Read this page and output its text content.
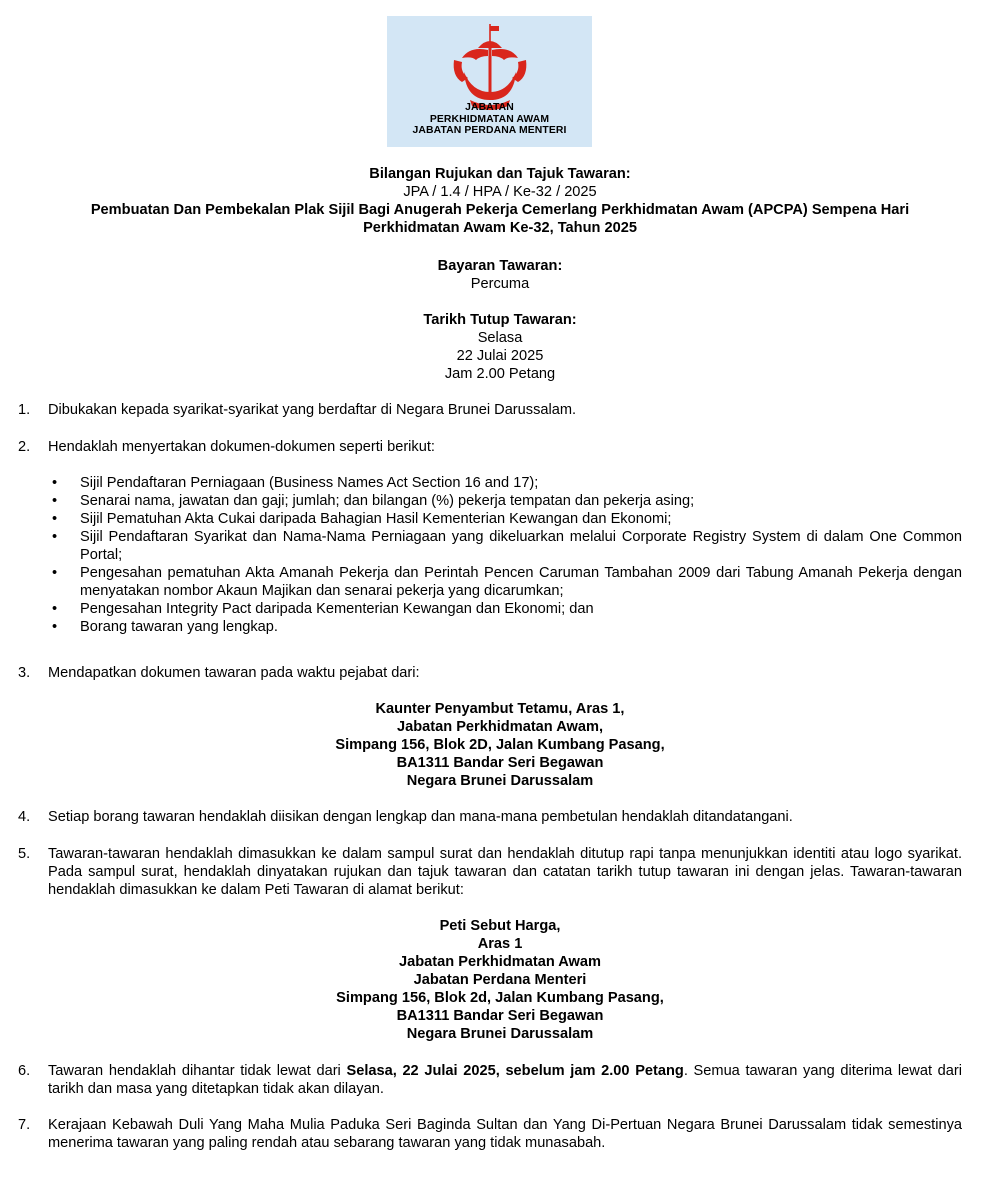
JABATAN
PERKHIDMATAN AWAM
JABATAN PERDANA MENTERI
Bilangan Rujukan dan Tajuk Tawaran:
JPA / 1.4 / HPA / Ke-32 / 2025
Pembuatan Dan Pembekalan Plak Sijil Bagi Anugerah Pekerja Cemerlang Perkhidmatan Awam (APCPA) Sempena Hari
Perkhidmatan Awam Ke-32, Tahun 2025
Bayaran Tawaran:
Percuma
Tarikh Tutup Tawaran:
Selasa
22 Julai 2025
Jam 2.00 Petang
1. Dibukakan kepada syarikat-syarikat yang berdaftar di Negara Brunei Darussalam.
2. Hendaklah menyertakan dokumen-dokumen seperti berikut:
• Sijil Pendaftaran Perniagaan (Business Names Act Section 16 and 17);
• Senarai nama, jawatan dan gaji; jumlah; dan bilangan (%) pekerja tempatan dan pekerja asing;
• Sijil Pematuhan Akta Cukai daripada Bahagian Hasil Kementerian Kewangan dan Ekonomi;
• Sijil Pendaftaran Syarikat dan Nama-Nama Perniagaan yang dikeluarkan melalui Corporate Registry System di dalam One Common Portal;
• Pengesahan pematuhan Akta Amanah Pekerja dan Perintah Pencen Caruman Tambahan 2009 dari Tabung Amanah Pekerja dengan menyatakan nombor Akaun Majikan dan senarai pekerja yang dicarumkan;
• Pengesahan Integrity Pact daripada Kementerian Kewangan dan Ekonomi; dan
• Borang tawaran yang lengkap.
3. Mendapatkan dokumen tawaran pada waktu pejabat dari:
Kaunter Penyambut Tetamu, Aras 1,
Jabatan Perkhidmatan Awam,
Simpang 156, Blok 2D, Jalan Kumbang Pasang,
BA1311 Bandar Seri Begawan
Negara Brunei Darussalam
4. Setiap borang tawaran hendaklah diisikan dengan lengkap dan mana-mana pembetulan hendaklah ditandatangani.
5. Tawaran-tawaran hendaklah dimasukkan ke dalam sampul surat dan hendaklah ditutup rapi tanpa menunjukkan identiti atau logo syarikat. Pada sampul surat, hendaklah dinyatakan rujukan dan tajuk tawaran dan catatan tarikh tutup tawaran ini dengan jelas. Tawaran-tawaran hendaklah dimasukkan ke dalam Peti Tawaran di alamat berikut:
Peti Sebut Harga,
Aras 1
Jabatan Perkhidmatan Awam
Jabatan Perdana Menteri
Simpang 156, Blok 2d, Jalan Kumbang Pasang,
BA1311 Bandar Seri Begawan
Negara Brunei Darussalam
6. Tawaran hendaklah dihantar tidak lewat dari Selasa, 22 Julai 2025, sebelum jam 2.00 Petang. Semua tawaran yang diterima lewat dari tarikh dan masa yang ditetapkan tidak akan dilayan.
7. Kerajaan Kebawah Duli Yang Maha Mulia Paduka Seri Baginda Sultan dan Yang Di-Pertuan Negara Brunei Darussalam tidak semestinya menerima tawaran yang paling rendah atau sebarang tawaran yang tidak munasabah.
